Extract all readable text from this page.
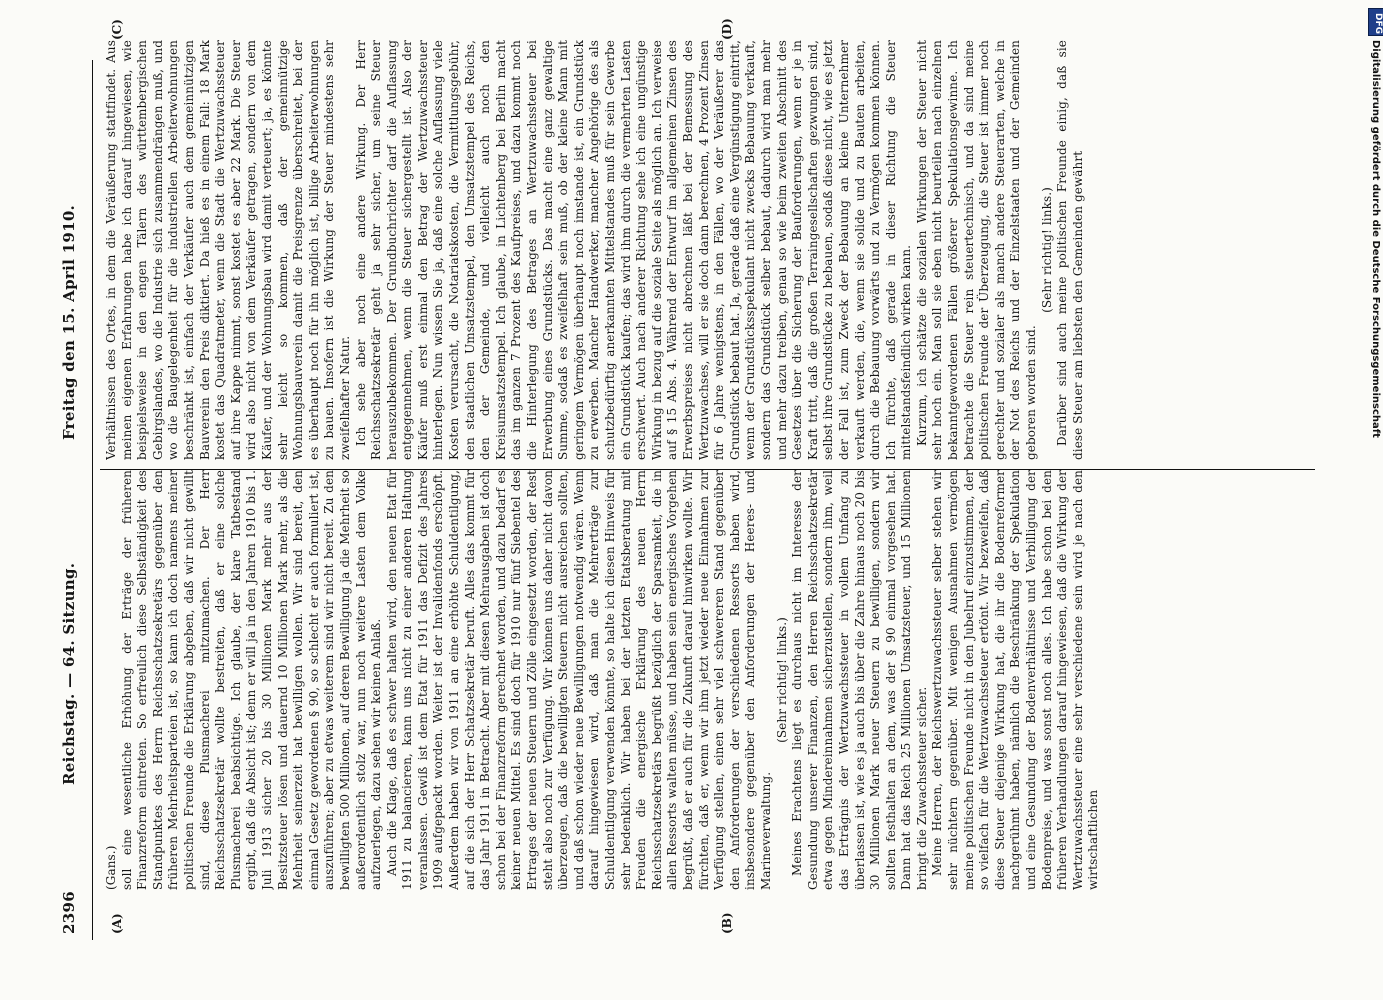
2396
Reichstag. — 64. Sitzung.
Freitag den 15. April 1910.
(A)	(B)
(C)	(D)

(Gans.) soll eine wesentliche Erhöhung der Erträge der früheren Finanzreform eintreten. So erfreulich diese Selbständigkeit des Standpunktes des Herrn Reichsschatzsekretärs gegenüber den früheren Mehrheitsparteien ist, so kann ich doch namens meiner politischen Freunde die Erklärung abgeben, daß wir nicht gewillt sind, diese Plusmacherei mitzumachen. Der Herr Reichsschatzsekretär wollte bestreiten, daß er eine solche Plusmacherei beabsichtige. Ich glaube, der klare Tatbestand ergibt, daß die Absicht ist; denn er will ja in den Jahren 1910 bis 1. Juli 1913 sicher 20 bis 30 Millionen Mark mehr aus der Besitzsteuer lösen und dauernd 10 Millionen Mark mehr, als die Mehrheit seinerzeit hat bewilligen wollen. Wir sind bereit, den einmal Gesetz gewordenen § 90, so schlecht er auch formuliert ist, auszuführen; aber zu etwas weiterem sind wir nicht bereit. Zu den bewilligten 500 Millionen, auf deren Bewilligung ja die Mehrheit so außerordentlich stolz war, nun noch weitere Lasten dem Volke aufzuerlegen, dazu sehen wir keinen Anlaß. Auch die Klage, daß es schwer halten wird, den neuen Etat für 1911 zu balancieren, kann uns nicht zu einer anderen Haltung veranlassen. Gewiß ist dem Etat für 1911 das Defizit des Jahres 1909 aufgepackt worden. Weiter ist der Invalidenfonds erschöpft. Außerdem haben wir von 1911 an eine erhöhte Schuldentilgung, auf die sich der Herr Schatzsekretär beruft. Alles das kommt für das Jahr 1911 in Betracht. Aber mit diesen Mehrausgaben ist doch schon bei der Finanzreform gerechnet worden, und dazu bedarf es keiner neuen Mittel. Es sind doch für 1910 nur fünf Siebentel des Ertrages der neuen Steuern und Zölle eingesetzt worden, der Rest steht also noch zur Verfügung. Wir können uns daher nicht davon überzeugen, daß die bewilligten Steuern nicht ausreichen sollten, und daß schon wieder neue Bewilligungen notwendig wären. Wenn darauf hingewiesen wird, daß man die Mehrerträge zur Schuldentilgung verwenden könnte, so halte ich diesen Hinweis für sehr bedenklich. Wir haben bei der letzten Etatsberatung mit Freuden die energische Erklärung des neuen Herrn Reichsschatzsekretärs begrüßt bezüglich der Sparsamkeit, die in allen Ressorts walten müsse, und haben sein energisches Vorgehen begrüßt, daß er auch für die Zukunft darauf hinwirken wollte. Wir fürchten, daß er, wenn wir ihm jetzt wieder neue Einnahmen zur Verfügung stellen, einen sehr viel schwereren Stand gegenüber den Anforderungen der verschiedenen Ressorts haben wird, insbesondere gegenüber den Anforderungen der Heeres- und Marineverwaltung.

(Sehr richtig! links.) Meines Erachtens liegt es durchaus nicht im Interesse der Gesundung unserer Finanzen, den Herren Reichsschatzsekretär etwa gegen Mindereinnahmen sicherzustellen, sondern ihm, weil das Erträgnis der Wertzuwachssteuer in vollem Umfang zu überlassen ist, wie es ja auch bis über die Zahre hinaus noch 20 bis 30 Millionen Mark neuer Steuern zu bewilligen, sondern wir sollten festhalten an dem, was der § 90 einmal vorgesehen hat. Dann hat das Reich 25 Millionen Umsatzsteuer, und 15 Millionen bringt die Zuwachssteuer sicher. Meine Herren, der Reichswertzuwachssteuer selber stehen wir sehr nüchtern gegenüber. Mit wenigen Ausnahmen vermögen meine politischen Freunde nicht in den Jubelruf einzustimmen, der so vielfach für die Wertzuwachssteuer ertönt. Wir bezweifeln, daß diese Steuer diejenige Wirkung hat, die ihr die Bodenreformer nachgerühmt haben, nämlich die Beschränkung der Spekulation und eine Gesundung der Bodenverhältnisse und Verbilligung der Bodenpreise, und was sonst noch alles. Ich habe schon bei den früheren Verhandlungen darauf hingewiesen, daß die Wirkung der Wertzuwachssteuer eine sehr verschiedene sein wird je nach den wirtschaftlichen

Verhältnissen des Ortes, in dem die Veräußerung stattfindet. Aus meinen eigenen Erfahrungen habe ich darauf hingewiesen, wie beispielsweise in den engen Tälern des württembergischen Gebirgslandes, wo die Industrie sich zusammendrängen muß, und wo die Baugelegenheit für die industriellen Arbeiterwohnungen beschränkt ist, einfach der Verkäufer auch dem gemeinnützigen Bauverein den Preis diktiert. Da hieß es in einem Fall: 18 Mark kostet das Quadratmeter, wenn die Stadt die Wertzuwachssteuer auf ihre Kappe nimmt, sonst kostet es aber 22 Mark. Die Steuer wird also nicht von dem Verkäufer getragen, sondern von dem Käufer, und der Wohnungsbau wird damit verteuert; ja, es könnte sehr leicht so kommen, daß der gemeinnützige Wohnungsbauverein damit die Preisgrenze überschreitet, bei der es überhaupt noch für ihn möglich ist, billige Arbeiterwohnungen zu bauen. Insofern ist die Wirkung der Steuer mindestens sehr zweifelhafter Natur. Ich sehe aber noch eine andere Wirkung. Der Herr Reichsschatzsekretär geht ja sehr sicher, um seine Steuer herauszubekommen. Der Grundbuchrichter darf die Auflassung entgegennehmen, wenn die Steuer sichergestellt ist. Also der Käufer muß erst einmal den Betrag der Wertzuwachssteuer hinterlegen. Nun wissen Sie ja, daß eine solche Auflassung viele Kosten verursacht, die Notariatskosten, die Vermittlungsgebühr, den staatlichen Umsatzstempel, den Umsatzstempel des Reichs, den der Gemeinde, und vielleicht auch noch den Kreisumsatzstempel. Ich glaube, in Lichtenberg bei Berlin macht das im ganzen 7 Prozent des Kaufpreises, und dazu kommt noch die Hinterlegung des Betrages an Wertzuwachssteuer bei Erwerbung eines Grundstücks. Das macht eine ganz gewaltige Summe, sodaß es zweifelhaft sein muß, ob der kleine Mann mit geringem Vermögen überhaupt noch imstande ist, ein Grundstück zu erwerben. Mancher Handwerker, mancher Angehörige des als schutzbedürftig anerkannten Mittelstandes muß für sein Gewerbe ein Grundstück kaufen; das wird ihm durch die vermehrten Lasten erschwert. Auch nach anderer Richtung sehe ich eine ungünstige Wirkung in bezug auf die soziale Seite als möglich an. Ich verweise auf § 15 Abs. 4. Während der Entwurf im allgemeinen Zinsen des Erwerbspreises nicht abrechnen läßt bei der Bemessung des Wertzuwachses, will er sie doch dann berechnen, 4 Prozent Zinsen für 6 Jahre wenigstens, in den Fällen, wo der Veräußerer das Grundstück bebaut hat. Ja, gerade daß eine Vergünstigung eintritt, wenn der Grundstücksspekulant nicht zwecks Bebauung verkauft, sondern das Grundstück selber bebaut, dadurch wird man mehr und mehr dazu treiben, genau so wie beim zweiten Abschnitt des Gesetzes über die Sicherung der Bauforderungen, wenn er je in Kraft tritt, daß die großen Terraingesellschaften gezwungen sind, selbst ihre Grundstücke zu bebauen, sodaß diese nicht, wie es jetzt der Fall ist, zum Zweck der Bebauung an kleine Unternehmer verkauft werden, die, wenn sie solide und zu Bauten arbeiten, durch die Bebauung vorwärts und zu Vermögen kommen können. Ich fürchte, daß gerade in dieser Richtung die Steuer mittelstandsfeindlich wirken kann. Kurzum, ich schätze die sozialen Wirkungen der Steuer nicht sehr hoch ein. Man soll sie eben nicht beurteilen nach einzelnen bekanntgewordenen Fällen größerer Spekulationsgewinne. Ich betrachte die Steuer rein steuertechnisch, und da sind meine politischen Freunde der Überzeugung, die Steuer ist immer noch gerechter und sozialer als manch andere Steuerarten, welche in der Not des Reichs und der Einzelstaaten und der Gemeinden geboren worden sind.

(Sehr richtig! links.) Darüber sind auch meine politischen Freunde einig, daß sie diese Steuer am liebsten den Gemeinden gewährt

DFG
Digitalisierung gefördert durch die Deutsche Forschungsgemeinschaft
